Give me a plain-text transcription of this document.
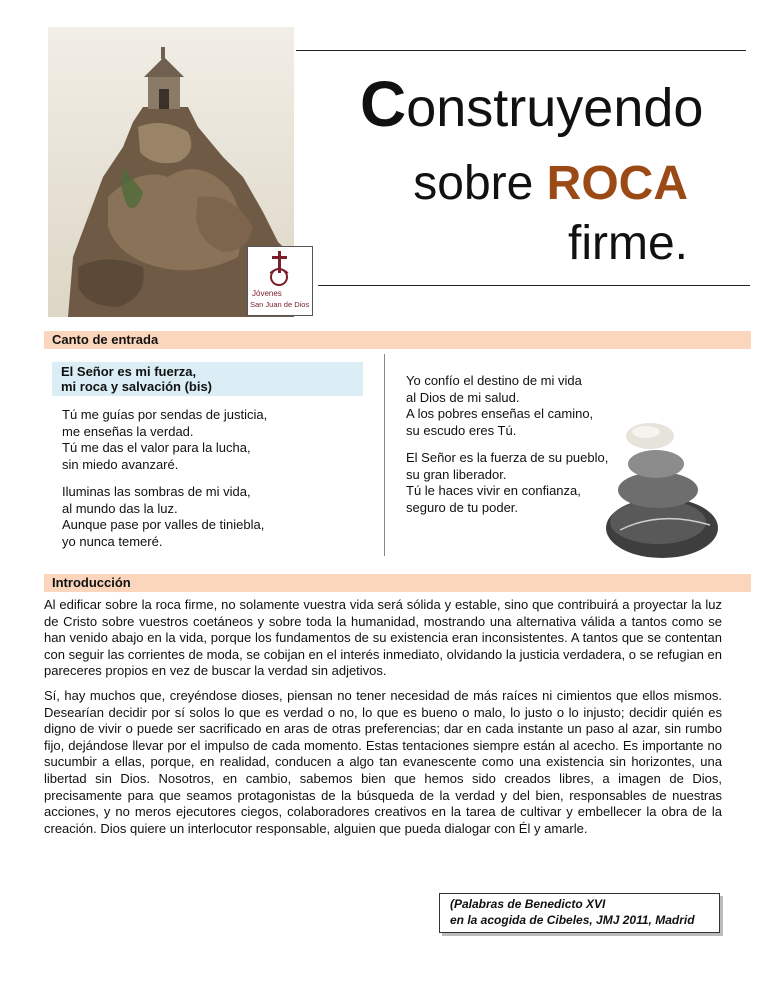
Jóvenes
San Juan de Dios
Construyendo
sobre ROCA
firme.
Canto de entrada
El Señor es mi fuerza,
mi roca y salvación (bis)

Tú me guías por sendas de justicia,
me enseñas la verdad.
Tú me das el valor para la lucha,
sin miedo avanzaré.

Iluminas las sombras de mi vida,
al mundo das la luz.
Aunque pase por valles de tiniebla,
yo nunca temeré.

Yo confío el destino de mi vida
al Dios de mi salud.
A los pobres enseñas el camino,
su escudo eres Tú.

El Señor es la fuerza de su pueblo,
su gran liberador.
Tú le haces vivir en confianza,
seguro de tu poder.

Introducción

Al edificar sobre la roca firme, no solamente vuestra vida será sólida y estable, sino que contribuirá a proyectar la luz de Cristo sobre vuestros coetáneos y sobre toda la humanidad, mostrando una alternativa válida a tantos como se han venido abajo en la vida, porque los fundamentos de su existencia eran inconsistentes. A tantos que se contentan con seguir las corrientes de moda, se cobijan en el interés inmediato, olvidando la justicia verdadera, o se refugian en pareceres propios en vez de buscar la verdad sin adjetivos.

Sí, hay muchos que, creyéndose dioses, piensan no tener necesidad de más raíces ni cimientos que ellos mismos. Desearían decidir por sí solos lo que es verdad o no, lo que es bueno o malo, lo justo o lo injusto; decidir quién es digno de vivir o puede ser sacrificado en aras de otras preferencias; dar en cada instante un paso al azar, sin rumbo fijo, dejándose llevar por el impulso de cada momento. Estas tentaciones siempre están al acecho. Es importante no sucumbir a ellas, porque, en realidad, conducen a algo tan evanescente como una existencia sin horizontes, una libertad sin Dios. Nosotros, en cambio, sabemos bien que hemos sido creados libres, a imagen de Dios, precisamente para que seamos protagonistas de la búsqueda de la verdad y del bien, responsables de nuestras acciones, y no meros ejecutores ciegos, colaboradores creativos en la tarea de cultivar y embellecer la obra de la creación. Dios quiere un interlocutor responsable, alguien que pueda dialogar con Él y amarle.

(Palabras de Benedicto XVI
en la acogida de Cibeles, JMJ 2011, Madrid
